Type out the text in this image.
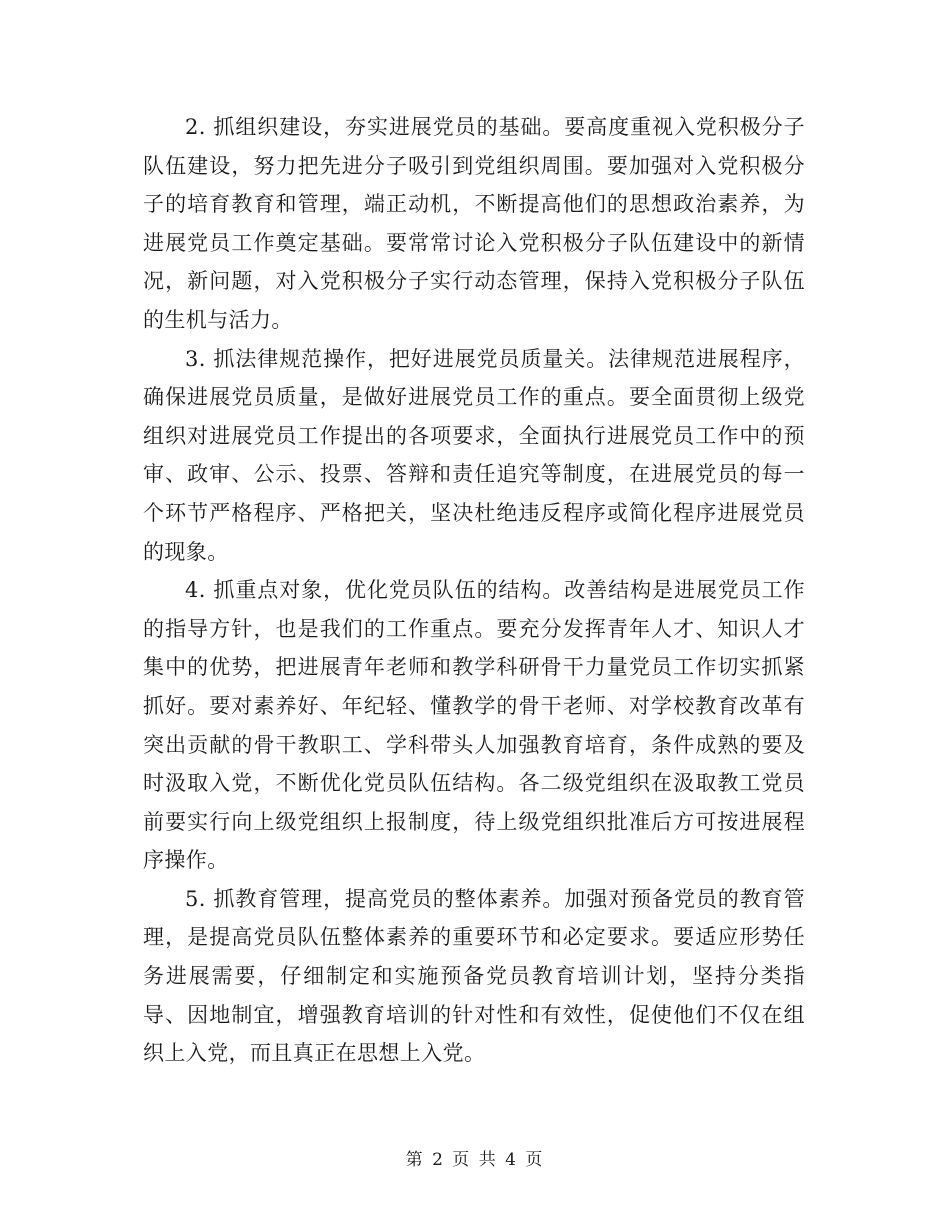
2. 抓组织建设，夯实进展党员的基础。要高度重视入党积极分子队伍建设，努力把先进分子吸引到党组织周围。要加强对入党积极分子的培育教育和管理，端正动机，不断提高他们的思想政治素养，为进展党员工作奠定基础。要常常讨论入党积极分子队伍建设中的新情况，新问题，对入党积极分子实行动态管理，保持入党积极分子队伍的生机与活力。

3. 抓法律规范操作，把好进展党员质量关。法律规范进展程序，确保进展党员质量，是做好进展党员工作的重点。要全面贯彻上级党组织对进展党员工作提出的各项要求，全面执行进展党员工作中的预审、政审、公示、投票、答辩和责任追究等制度，在进展党员的每一个环节严格程序、严格把关，坚决杜绝违反程序或简化程序进展党员的现象。

4. 抓重点对象，优化党员队伍的结构。改善结构是进展党员工作的指导方针，也是我们的工作重点。要充分发挥青年人才、知识人才集中的优势，把进展青年老师和教学科研骨干力量党员工作切实抓紧抓好。要对素养好、年纪轻、懂教学的骨干老师、对学校教育改革有突出贡献的骨干教职工、学科带头人加强教育培育，条件成熟的要及时汲取入党，不断优化党员队伍结构。各二级党组织在汲取教工党员前要实行向上级党组织上报制度，待上级党组织批准后方可按进展程序操作。

5. 抓教育管理，提高党员的整体素养。加强对预备党员的教育管理，是提高党员队伍整体素养的重要环节和必定要求。要适应形势任务进展需要，仔细制定和实施预备党员教育培训计划，坚持分类指导、因地制宜，增强教育培训的针对性和有效性，促使他们不仅在组织上入党，而且真正在思想上入党。

第 2 页 共 4 页
